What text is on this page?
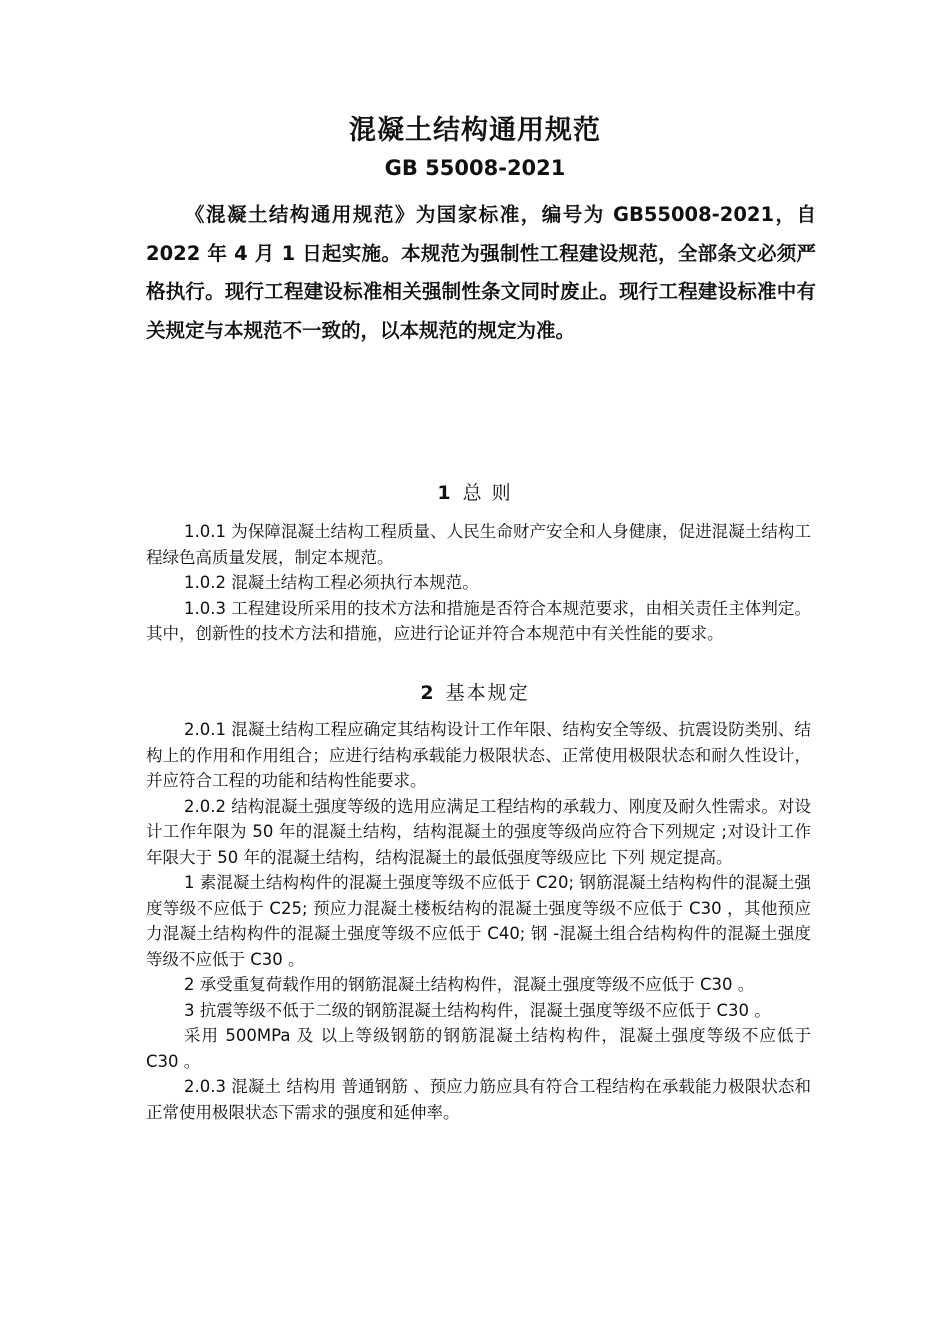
混凝土结构通用规范
GB 55008-2021

《混凝土结构通用规范》为国家标准，编号为 GB55008-2021，自 2022 年 4 月 1 日起实施。本规范为强制性工程建设规范，全部条文必须严格执行。现行工程建设标准相关强制性条文同时废止。现行工程建设标准中有关规定与本规范不一致的，以本规范的规定为准。

1 总 则

1.0.1 为保障混凝土结构工程质量、人民生命财产安全和人身健康，促进混凝土结构工程绿色高质量发展，制定本规范。

1.0.2 混凝土结构工程必须执行本规范。

1.0.3 工程建设所采用的技术方法和措施是否符合本规范要求，由相关责任主体判定。其中，创新性的技术方法和措施，应进行论证并符合本规范中有关性能的要求。

2 基本规定

2.0.1 混凝土结构工程应确定其结构设计工作年限、结构安全等级、抗震设防类别、结构上的作用和作用组合；应进行结构承载能力极限状态、正常使用极限状态和耐久性设计，并应符合工程的功能和结构性能要求。

2.0.2 结构混凝土强度等级的选用应满足工程结构的承载力、刚度及耐久性需求。对设计工作年限为 50 年的混凝土结构，结构混凝土的强度等级尚应符合下列规定 ;对设计工作年限大于 50 年的混凝土结构，结构混凝土的最低强度等级应比 下列 规定提高。

1 素混凝土结构构件的混凝土强度等级不应低于 C20; 钢筋混凝土结构构件的混凝土强度等级不应低于 C25; 预应力混凝土楼板结构的混凝土强度等级不应低于 C30 ，其他预应力混凝土结构构件的混凝土强度等级不应低于 C40; 钢 -混凝土组合结构构件的混凝土强度等级不应低于 C30 。

2 承受重复荷载作用的钢筋混凝土结构构件，混凝土强度等级不应低于 C30 。

3 抗震等级不低于二级的钢筋混凝土结构构件，混凝土强度等级不应低于 C30 。

采用 500MPa 及 以上等级钢筋的钢筋混凝土结构构件，混凝土强度等级不应低于 C30 。

2.0.3 混凝土 结构用 普通钢筋 、预应力筋应具有符合工程结构在承载能力极限状态和正常使用极限状态下需求的强度和延伸率。
